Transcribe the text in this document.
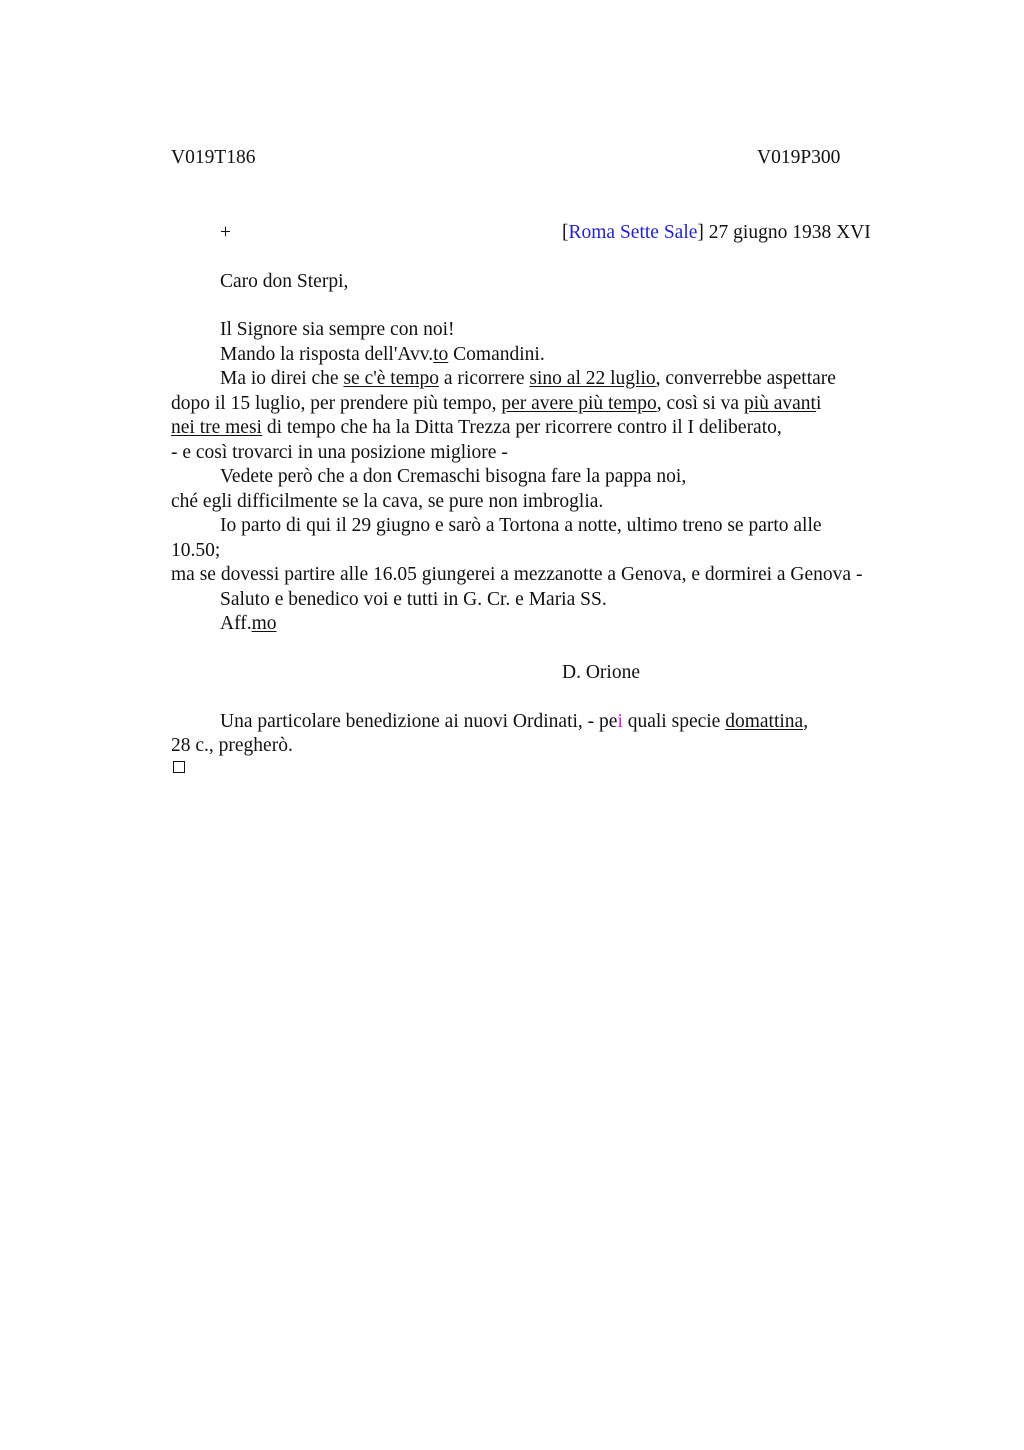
V019T186	V019P300
+	[Roma Sette Sale] 27 giugno 1938 XVI
Caro don Sterpi,
Il Signore sia sempre con noi!
Mando la risposta dell'Avv.to Comandini.
Ma io direi che se c'è tempo a ricorrere sino al 22 luglio, converrebbe aspettare
dopo il 15 luglio, per prendere più tempo, per avere più tempo, così si va più avanti
nei tre mesi di tempo che ha la Ditta Trezza per ricorrere contro il I deliberato,
- e così trovarci in una posizione migliore -
Vedete però che a don Cremaschi bisogna fare la pappa noi,
ché egli difficilmente se la cava, se pure non imbroglia.
Io parto di qui il 29 giugno e sarò a Tortona a notte, ultimo treno se parto alle
10.50;
ma se dovessi partire alle 16.05 giungerei a mezzanotte a Genova, e dormirei a Genova -
Saluto e benedico voi e tutti in G. Cr. e Maria SS.
Aff.mo
D. Orione
Una particolare benedizione ai nuovi Ordinati, - pei quali specie domattina,
28 c., pregherò.
